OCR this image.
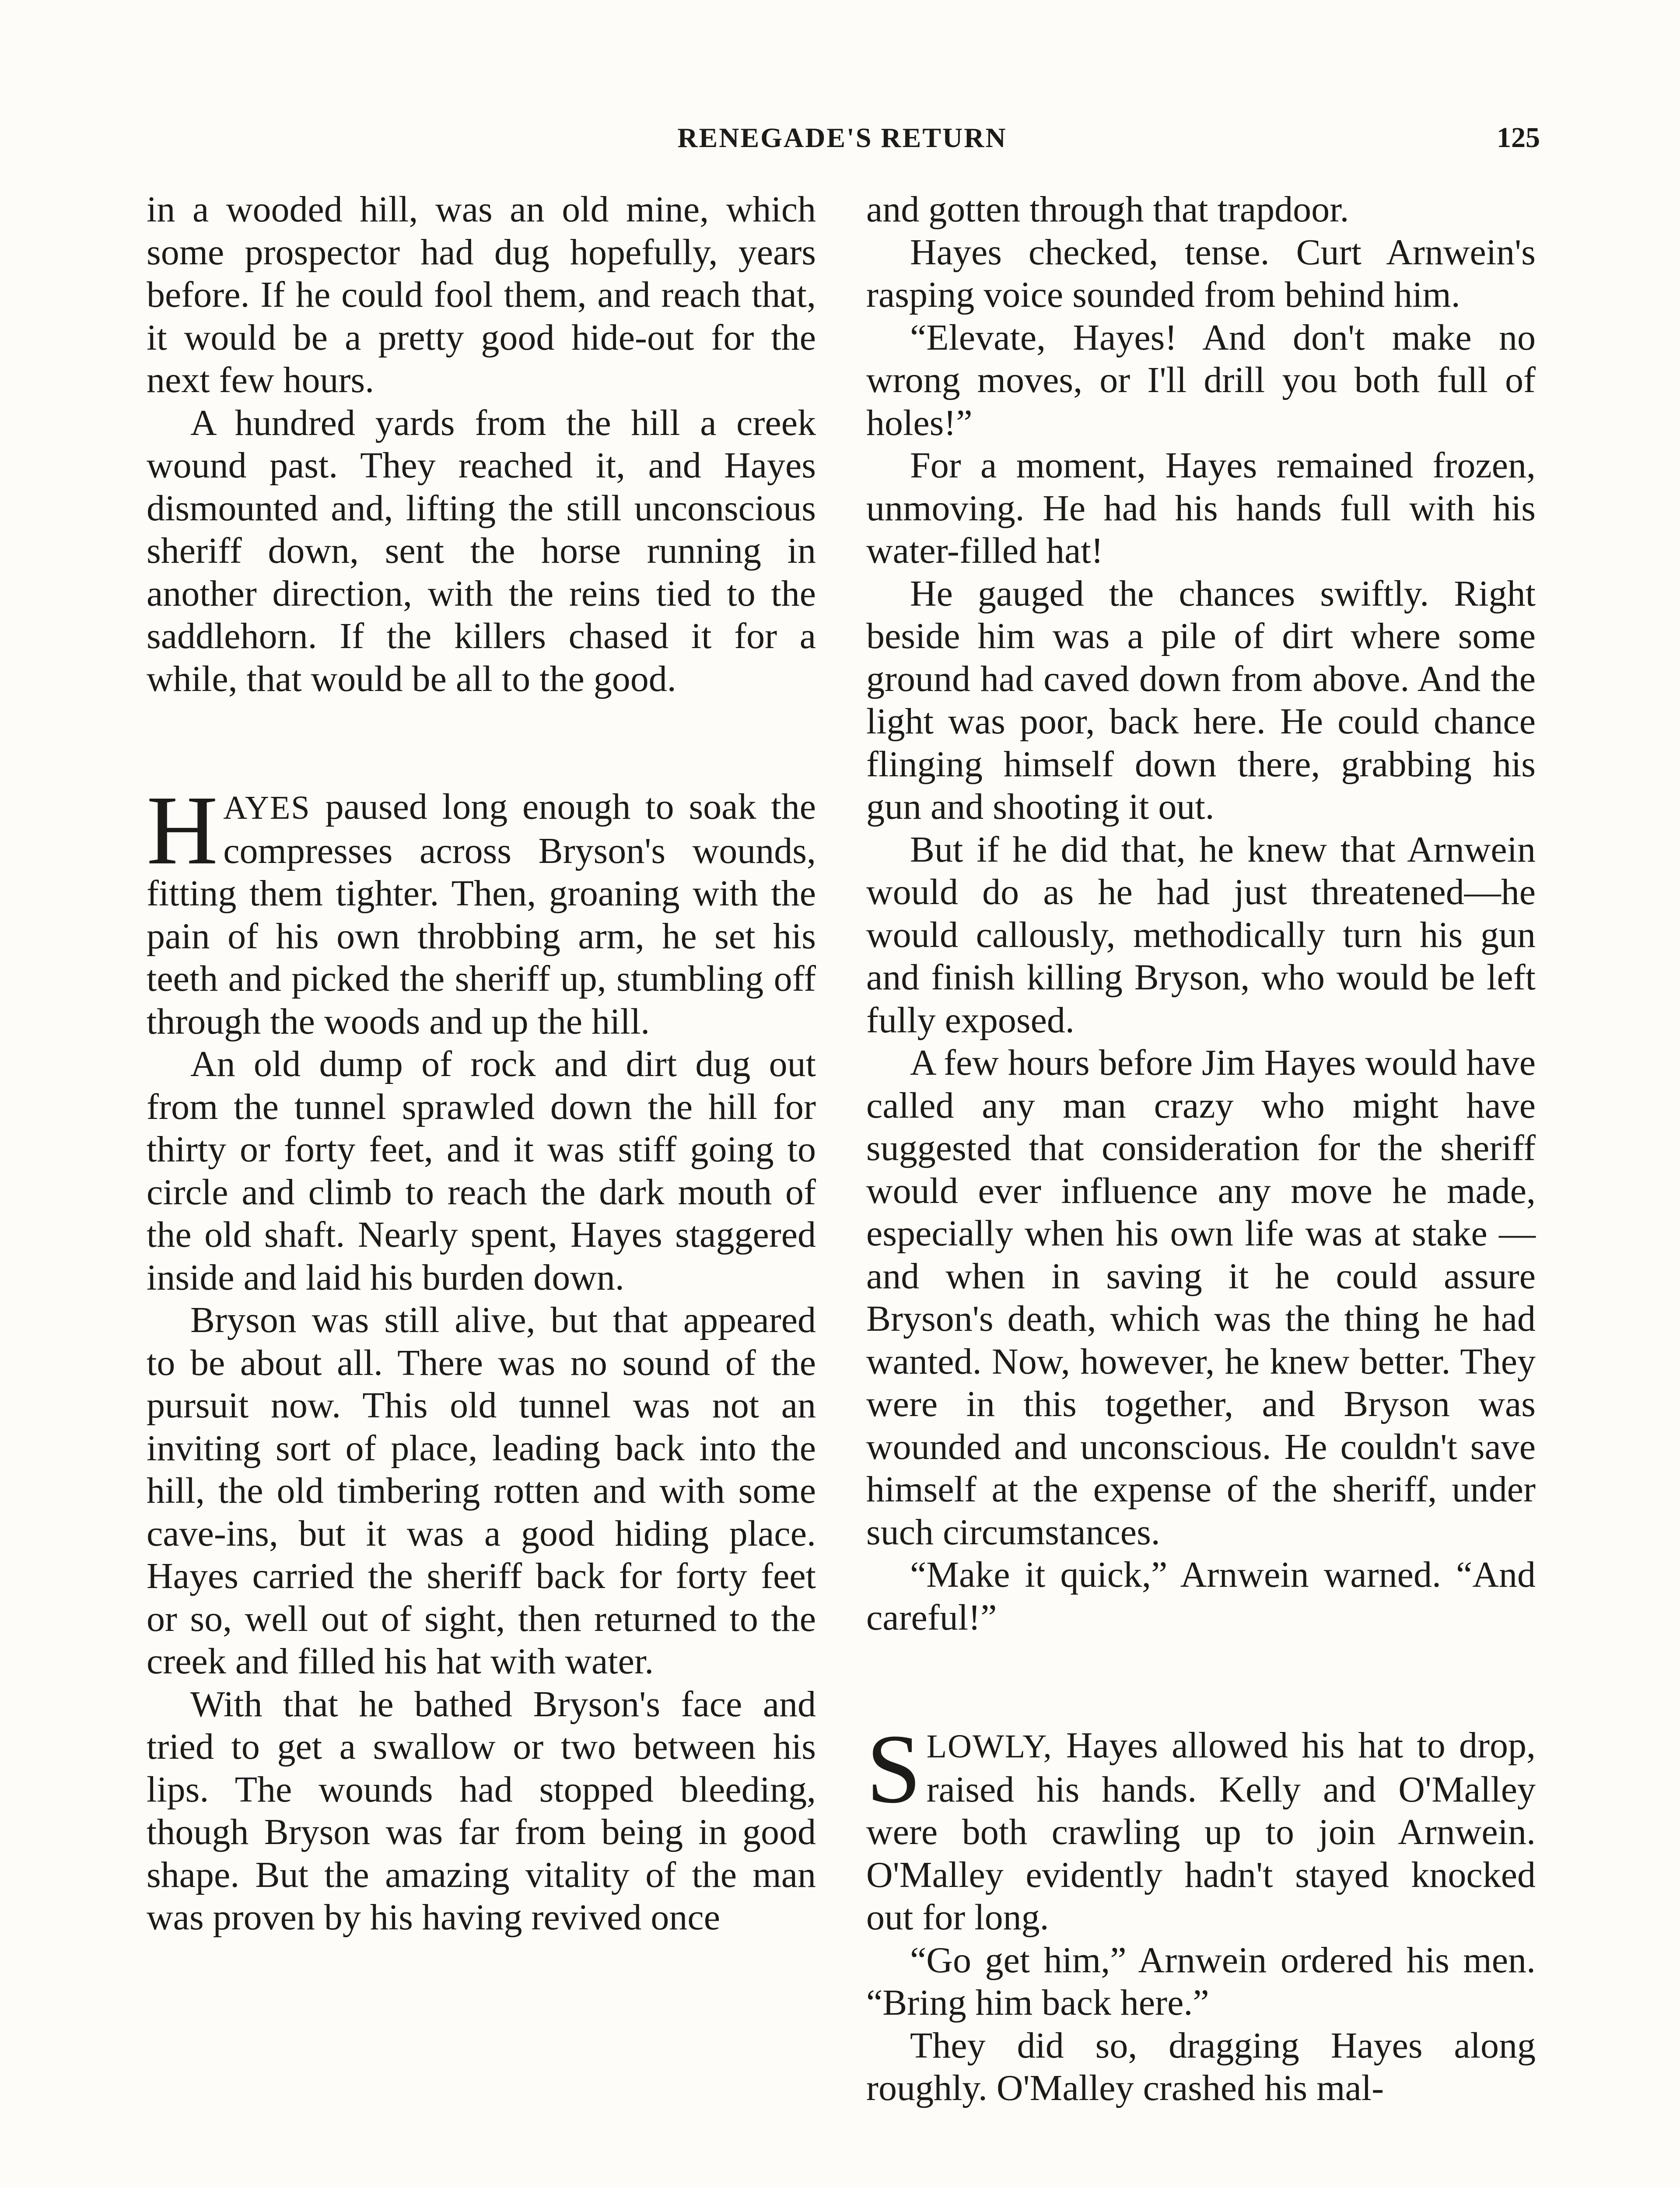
RENEGADE'S RETURN	125

in a wooded hill, was an old mine, which some prospector had dug hopefully, years before. If he could fool them, and reach that, it would be a pretty good hide-out for the next few hours.

A hundred yards from the hill a creek wound past. They reached it, and Hayes dismounted and, lifting the still unconscious sheriff down, sent the horse running in another direction, with the reins tied to the saddlehorn. If the killers chased it for a while, that would be all to the good.

HAYES paused long enough to soak the compresses across Bryson's wounds, fitting them tighter. Then, groaning with the pain of his own throbbing arm, he set his teeth and picked the sheriff up, stumbling off through the woods and up the hill.

An old dump of rock and dirt dug out from the tunnel sprawled down the hill for thirty or forty feet, and it was stiff going to circle and climb to reach the dark mouth of the old shaft. Nearly spent, Hayes staggered inside and laid his burden down.

Bryson was still alive, but that appeared to be about all. There was no sound of the pursuit now. This old tunnel was not an inviting sort of place, leading back into the hill, the old timbering rotten and with some cave-ins, but it was a good hiding place. Hayes carried the sheriff back for forty feet or so, well out of sight, then returned to the creek and filled his hat with water.

With that he bathed Bryson's face and tried to get a swallow or two between his lips. The wounds had stopped bleeding, though Bryson was far from being in good shape. But the amazing vitality of the man was proven by his having revived once

and gotten through that trapdoor.

Hayes checked, tense. Curt Arnwein's rasping voice sounded from behind him.

“Elevate, Hayes! And don't make no wrong moves, or I'll drill you both full of holes!”

For a moment, Hayes remained frozen, unmoving. He had his hands full with his water-filled hat!

He gauged the chances swiftly. Right beside him was a pile of dirt where some ground had caved down from above. And the light was poor, back here. He could chance flinging himself down there, grabbing his gun and shooting it out.

But if he did that, he knew that Arnwein would do as he had just threatened—he would callously, methodically turn his gun and finish killing Bryson, who would be left fully exposed.

A few hours before Jim Hayes would have called any man crazy who might have suggested that consideration for the sheriff would ever influence any move he made, especially when his own life was at stake —and when in saving it he could assure Bryson's death, which was the thing he had wanted. Now, however, he knew better. They were in this together, and Bryson was wounded and unconscious. He couldn't save himself at the expense of the sheriff, under such circumstances.

“Make it quick,” Arnwein warned. “And careful!”

SLOWLY, Hayes allowed his hat to drop, raised his hands. Kelly and O'Malley were both crawling up to join Arnwein. O'Malley evidently hadn't stayed knocked out for long.

“Go get him,” Arnwein ordered his men. “Bring him back here.”

They did so, dragging Hayes along roughly. O'Malley crashed his mal-
